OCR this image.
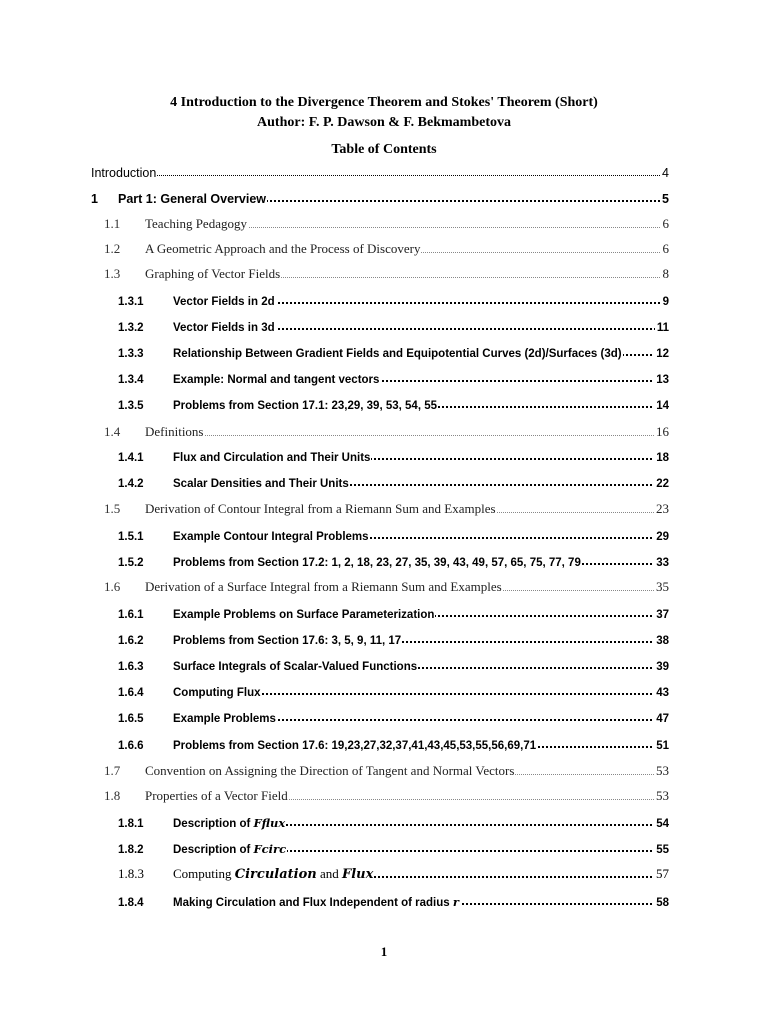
4 Introduction to the Divergence Theorem and Stokes' Theorem (Short)
Author: F. P. Dawson & F. Bekmambetova
Table of Contents
Introduction	4
1 Part 1: General Overview	5
1.1 Teaching Pedagogy	6
1.2 A Geometric Approach and the Process of Discovery	6
1.3 Graphing of Vector Fields	8
1.3.1	Vector Fields in 2d	9
1.3.2	Vector Fields in 3d	11
1.3.3	Relationship Between Gradient Fields and Equipotential Curves (2d)/Surfaces (3d)	12
1.3.4	Example: Normal and tangent vectors	13
1.3.5	Problems from Section 17.1: 23,29, 39, 53, 54, 55	14
1.4 Definitions	16
1.4.1	Flux and Circulation and Their Units	18
1.4.2	Scalar Densities and Their Units	22
1.5 Derivation of Contour Integral from a Riemann Sum and Examples	23
1.5.1	Example Contour Integral Problems	29
1.5.2	Problems from Section 17.2: 1, 2, 18, 23, 27, 35, 39, 43, 49, 57, 65, 75, 77, 79	33
1.6 Derivation of a Surface Integral from a Riemann Sum and Examples	35
1.6.1	Example Problems on Surface Parameterization	37
1.6.2	Problems from Section 17.6: 3, 5, 9, 11, 17	38
1.6.3	Surface Integrals of Scalar-Valued Functions	39
1.6.4	Computing Flux	43
1.6.5	Example Problems	47
1.6.6	Problems from Section 17.6: 19,23,27,32,37,41,43,45,53,55,56,69,71	51
1.7 Convention on Assigning the Direction of Tangent and Normal Vectors	53
1.8 Properties of a Vector Field	53
1.8.1	Description of Fflux	54
1.8.2	Description of Fcirc	55
1.8.3 Computing Circulation and Flux	57
1.8.4	Making Circulation and Flux Independent of radius r	58
1
